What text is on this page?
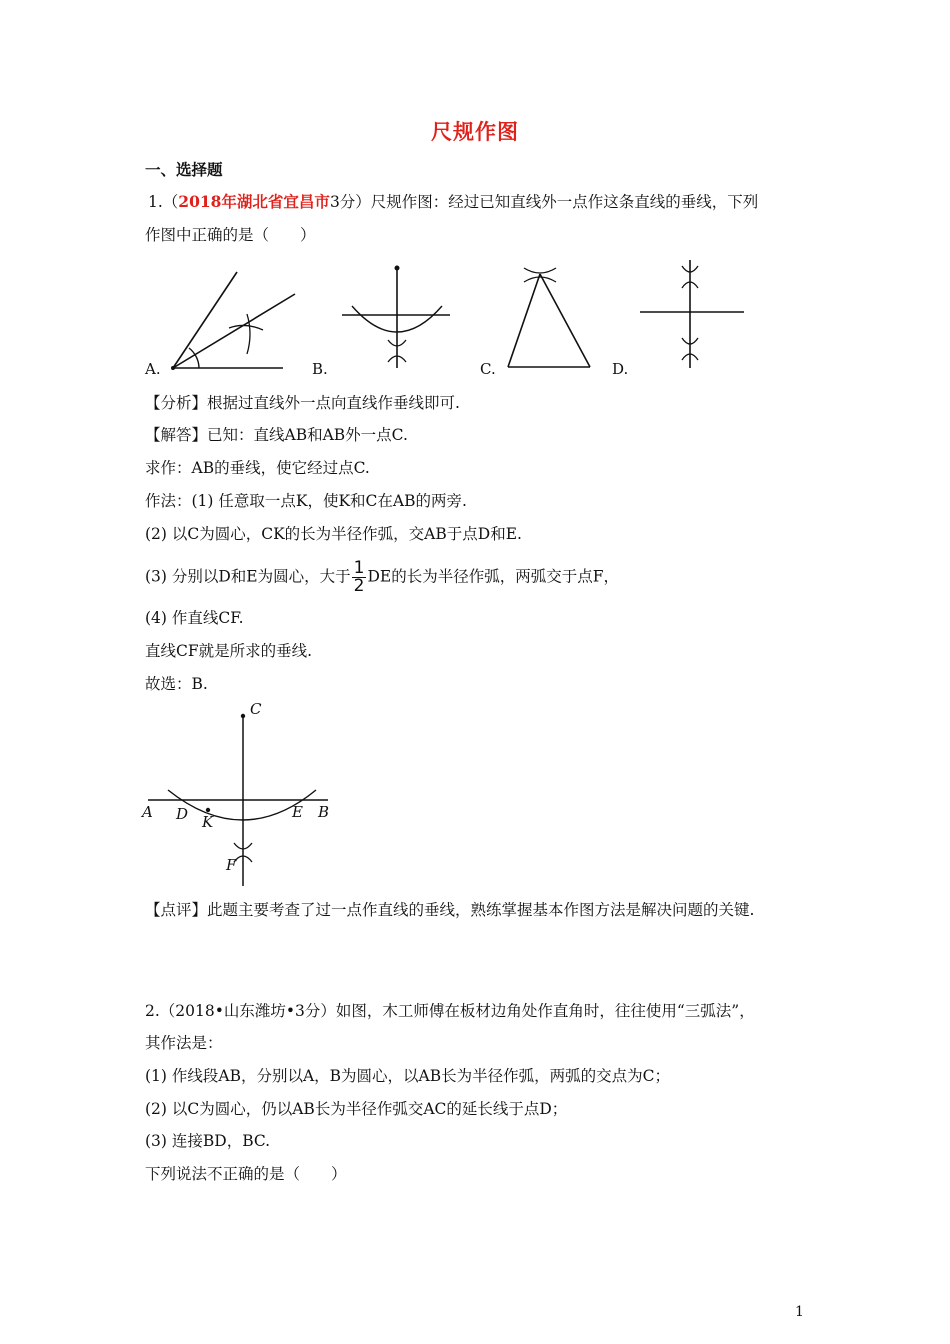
尺规作图
一、选择题
1.（2018年湖北省宜昌市3分）尺规作图：经过已知直线外一点作这条直线的垂线，下列
作图中正确的是（　　）
A.	B.	C.	D.
【分析】根据过直线外一点向直线作垂线即可.
【解答】已知：直线AB和AB外一点C.
求作：AB的垂线，使它经过点C.
作法：(1) 任意取一点K，使K和C在AB的两旁.
(2) 以C为圆心，CK的长为半径作弧，交AB于点D和E.
(3) 分别以D和E为圆心，大于 $\frac{1}{2}$ DE的长为半径作弧，两弧交于点F，
(4) 作直线CF.
直线CF就是所求的垂线.
故选：B.
C
A D K
E B
F
【点评】此题主要考查了过一点作直线的垂线，熟练掌握基本作图方法是解决问题的关键.
2.（2018•山东潍坊•3分）如图，木工师傅在板材边角处作直角时，往往使用“三弧法”，
其作法是：
(1) 作线段AB，分别以A，B为圆心，以AB长为半径作弧，两弧的交点为C；
(2) 以C为圆心，仍以AB长为半径作弧交AC的延长线于点D；
(3) 连接BD，BC.
下列说法不正确的是（　　）
1
